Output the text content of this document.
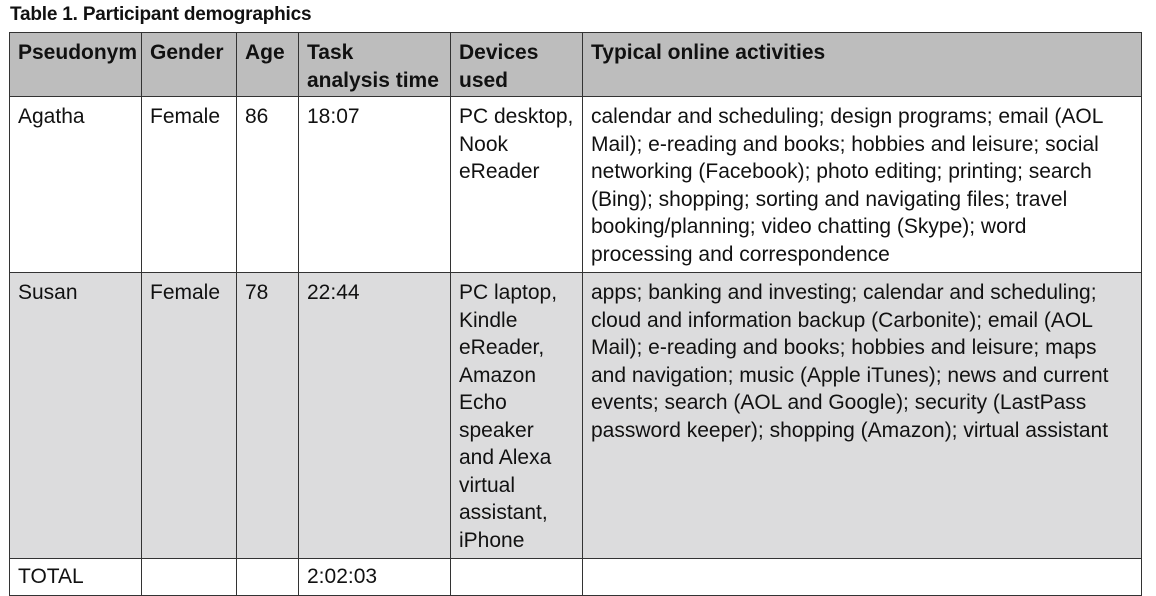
Table 1. Participant demographics
Pseudonym	Gender	Age	Task analysis time	Devices used	Typical online activities
Agatha	Female	86	18:07	PC desktop, Nook eReader	calendar and scheduling; design programs; email (AOL Mail); e-reading and books; hobbies and leisure; social networking (Facebook); photo editing; printing; search (Bing); shopping; sorting and navigating files; travel booking/planning; video chatting (Skype); word processing and correspondence
Susan	Female	78	22:44	PC laptop, Kindle eReader, Amazon Echo speaker and Alexa virtual assistant, iPhone	apps; banking and investing; calendar and scheduling; cloud and information backup (Carbonite); email (AOL Mail); e-reading and books; hobbies and leisure; maps and navigation; music (Apple iTunes); news and current events; search (AOL and Google); security (LastPass password keeper); shopping (Amazon); virtual assistant
TOTAL			2:02:03		
